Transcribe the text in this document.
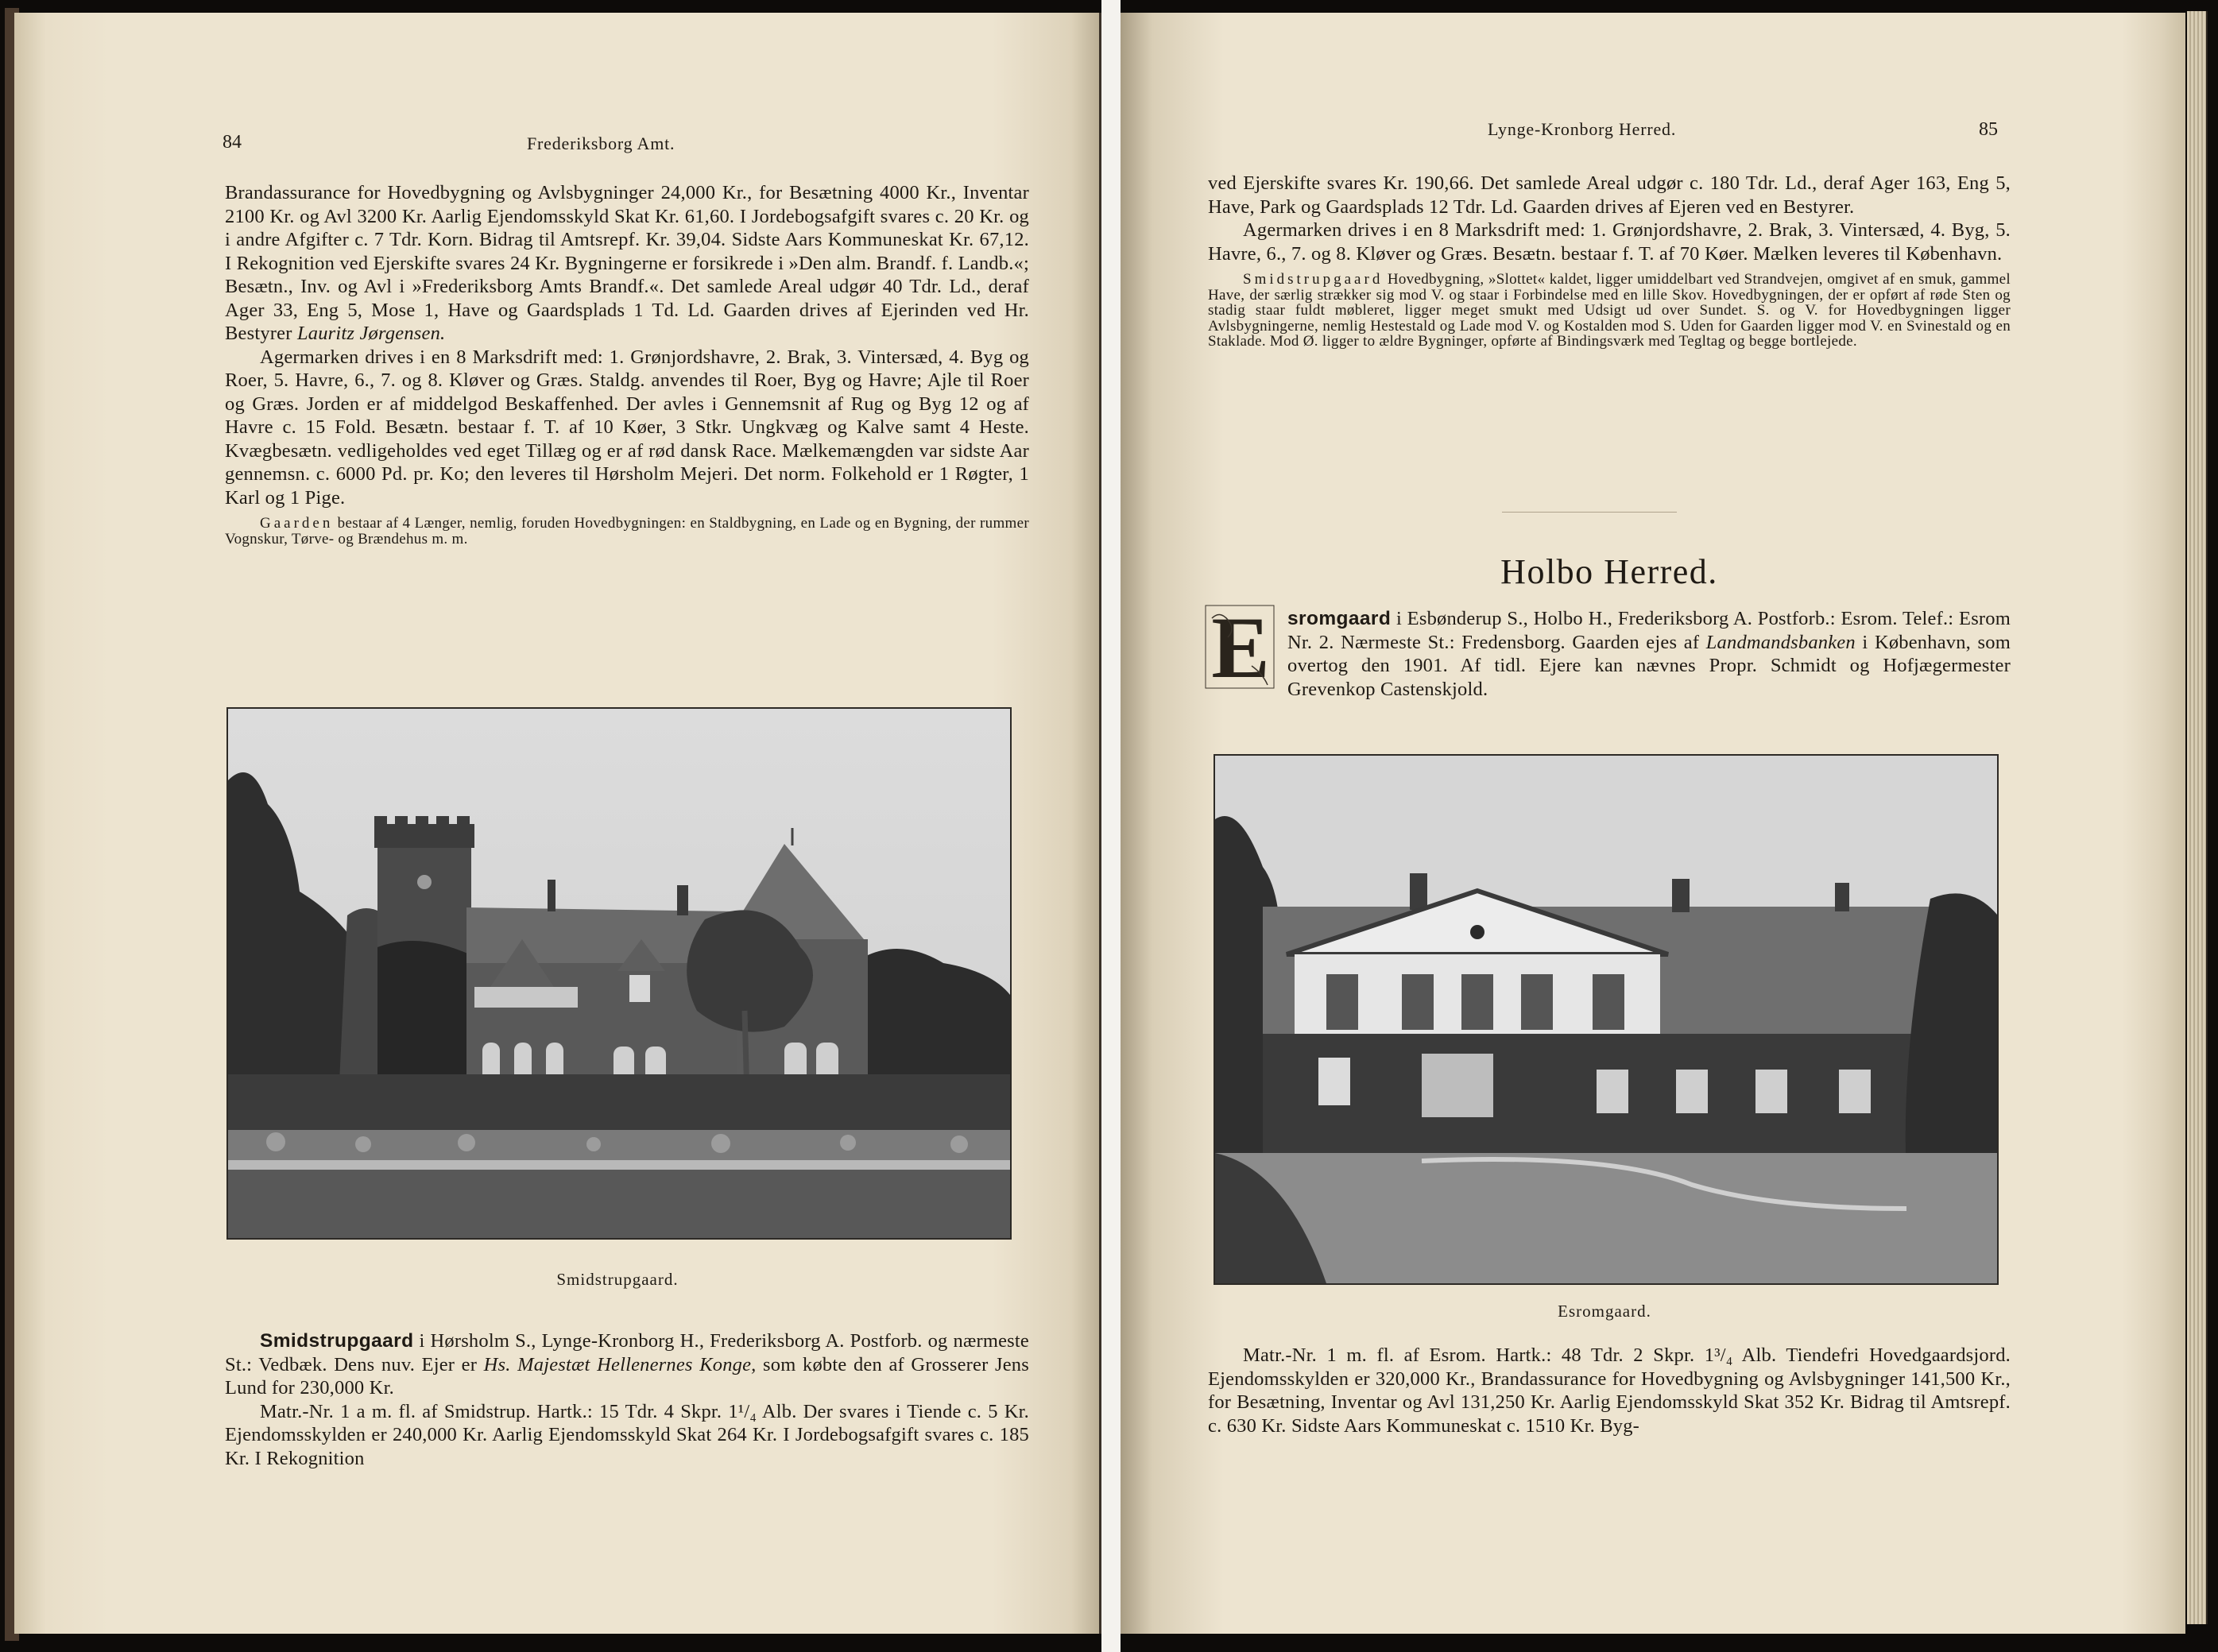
84	Frederiksborg Amt.

Brandassurance for Hovedbygning og Avlsbygninger 24,000 Kr., for Besætning 4000 Kr., Inventar 2100 Kr. og Avl 3200 Kr. Aarlig Ejendomsskyld Skat Kr. 61,60. I Jordebogsafgift svares c. 20 Kr. og i andre Afgifter c. 7 Tdr. Korn. Bidrag til Amtsrepf. Kr. 39,04. Sidste Aars Kommuneskat Kr. 67,12. I Rekognition ved Ejerskifte svares 24 Kr. Bygningerne er forsikrede i »Den alm. Brandf. f. Landb.«; Besætn., Inv. og Avl i »Frederiksborg Amts Brandf.«. Det samlede Areal udgør 40 Tdr. Ld., deraf Ager 33, Eng 5, Mose 1, Have og Gaardsplads 1 Td. Ld. Gaarden drives af Ejerinden ved Hr. Bestyrer Lauritz Jørgensen.

Agermarken drives i en 8 Marksdrift med: 1. Grønjordshavre, 2. Brak, 3. Vintersæd, 4. Byg og Roer, 5. Havre, 6., 7. og 8. Kløver og Græs. Staldg. anvendes til Roer, Byg og Havre; Ajle til Roer og Græs. Jorden er af middelgod Beskaffenhed. Der avles i Gennemsnit af Rug og Byg 12 og af Havre c. 15 Fold. Besætn. bestaar f. T. af 10 Køer, 3 Stkr. Ungkvæg og Kalve samt 4 Heste. Kvægbesætn. vedligeholdes ved eget Tillæg og er af rød dansk Race. Mælkemængden var sidste Aar gennemsn. c. 6000 Pd. pr. Ko; den leveres til Hørsholm Mejeri. Det norm. Folkehold er 1 Røgter, 1 Karl og 1 Pige.

Gaarden bestaar af 4 Længer, nemlig, foruden Hovedbygningen: en Staldbygning, en Lade og en Bygning, der rummer Vognskur, Tørve- og Brændehus m. m.

Smidstrupgaard.

Smidstrupgaard i Hørsholm S., Lynge-Kronborg H., Frederiksborg A. Postforb. og nærmeste St.: Vedbæk. Dens nuv. Ejer er Hs. Majestæt Hellenernes Konge, som købte den af Grosserer Jens Lund for 230,000 Kr.

Matr.-Nr. 1 a m. fl. af Smidstrup. Hartk.: 15 Tdr. 4 Skpr. 1¹/₄ Alb. Der svares i Tiende c. 5 Kr. Ejendomsskylden er 240,000 Kr. Aarlig Ejendomsskyld Skat 264 Kr. I Jordebogsafgift svares c. 185 Kr. I Rekognition

Lynge-Kronborg Herred.	85

ved Ejerskifte svares Kr. 190,66. Det samlede Areal udgør c. 180 Tdr. Ld., deraf Ager 163, Eng 5, Have, Park og Gaardsplads 12 Tdr. Ld. Gaarden drives af Ejeren ved en Bestyrer.

Agermarken drives i en 8 Marksdrift med: 1. Grønjordshavre, 2. Brak, 3. Vintersæd, 4. Byg, 5. Havre, 6., 7. og 8. Kløver og Græs. Besætn. bestaar f. T. af 70 Køer. Mælken leveres til København.

Smidstrupgaard Hovedbygning, »Slottet« kaldet, ligger umiddelbart ved Strandvejen, omgivet af en smuk, gammel Have, der særlig strækker sig mod V. og staar i Forbindelse med en lille Skov. Hovedbygningen, der er opført af røde Sten og stadig staar fuldt møbleret, ligger meget smukt med Udsigt ud over Sundet. S. og V. for Hovedbygningen ligger Avlsbygningerne, nemlig Hestestald og Lade mod V. og Kostalden mod S. Uden for Gaarden ligger mod V. en Svinestald og en Staklade. Mod Ø. ligger to ældre Bygninger, opførte af Bindingsværk med Tegltag og begge bortlejede.

Holbo Herred.
E sromgaard i Esbønderup S., Holbo H., Frederiksborg A. Postforb.: Esrom. Telef.: Esrom Nr. 2. Nærmeste St.: Fredensborg. Gaarden ejes af Landmandsbanken i København, som overtog den 1901. Af tidl. Ejere kan nævnes Propr. Schmidt og Hofjægermester Grevenkop Castenskjold.

Esromgaard.

Matr.-Nr. 1 m. fl. af Esrom. Hartk.: 48 Tdr. 2 Skpr. 1³/₄ Alb. Tiendefri Hovedgaardsjord. Ejendomsskylden er 320,000 Kr., Brandassurance for Hovedbygning og Avlsbygninger 141,500 Kr., for Besætning, Inventar og Avl 131,250 Kr. Aarlig Ejendomsskyld Skat 352 Kr. Bidrag til Amtsrepf. c. 630 Kr. Sidste Aars Kommuneskat c. 1510 Kr. Byg-
